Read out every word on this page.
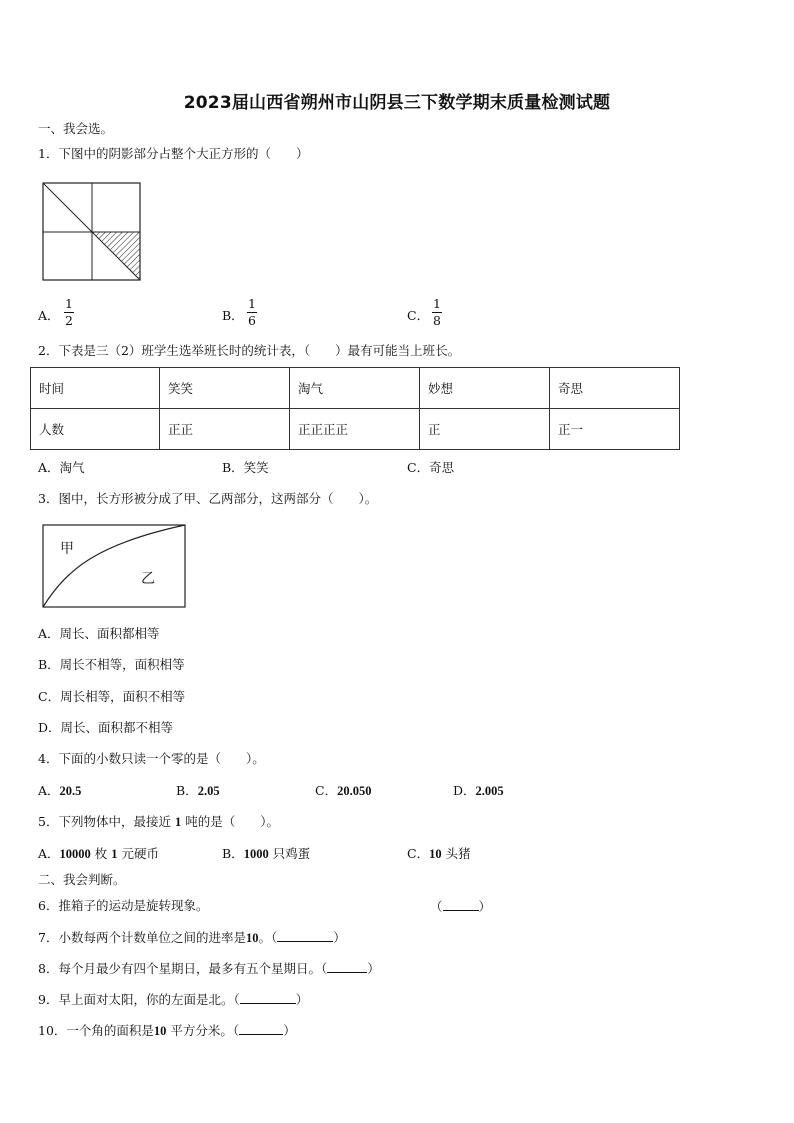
2023届山西省朔州市山阴县三下数学期末质量检测试题
一、我会选。
1．下图中的阴影部分占整个大正方形的（　　）
A．
1
2	B．
1
6	C．
1
8
2．下表是三（2）班学生选举班长时的统计表，（　　）最有可能当上班长。
时间	笑笑	淘气	妙想	奇思
人数	正正	正正正正	正	正一
A．淘气	B．笑笑	C．奇思
3．图中，长方形被分成了甲、乙两部分，这两部分（　　）。
甲
乙
A．周长、面积都相等
B．周长不相等，面积相等
C．周长相等，面积不相等
D．周长、面积都不相等
4．下面的小数只读一个零的是（　　）。
A．20.5	B．2.05	C．20.050	D．2.005
5．下列物体中，最接近 1 吨的是（　　）。
A．10000 枚 1 元硬币	B．1000 只鸡蛋	C．10 头猪
二、我会判断。
6．推箱子的运动是旋转现象。	（	）
7．小数每两个计数单位之间的进率是10。（	）
8．每个月最少有四个星期日，最多有五个星期日。（	）
9．早上面对太阳，你的左面是北。（	）
10．一个角的面积是10 平方分米。（	）
